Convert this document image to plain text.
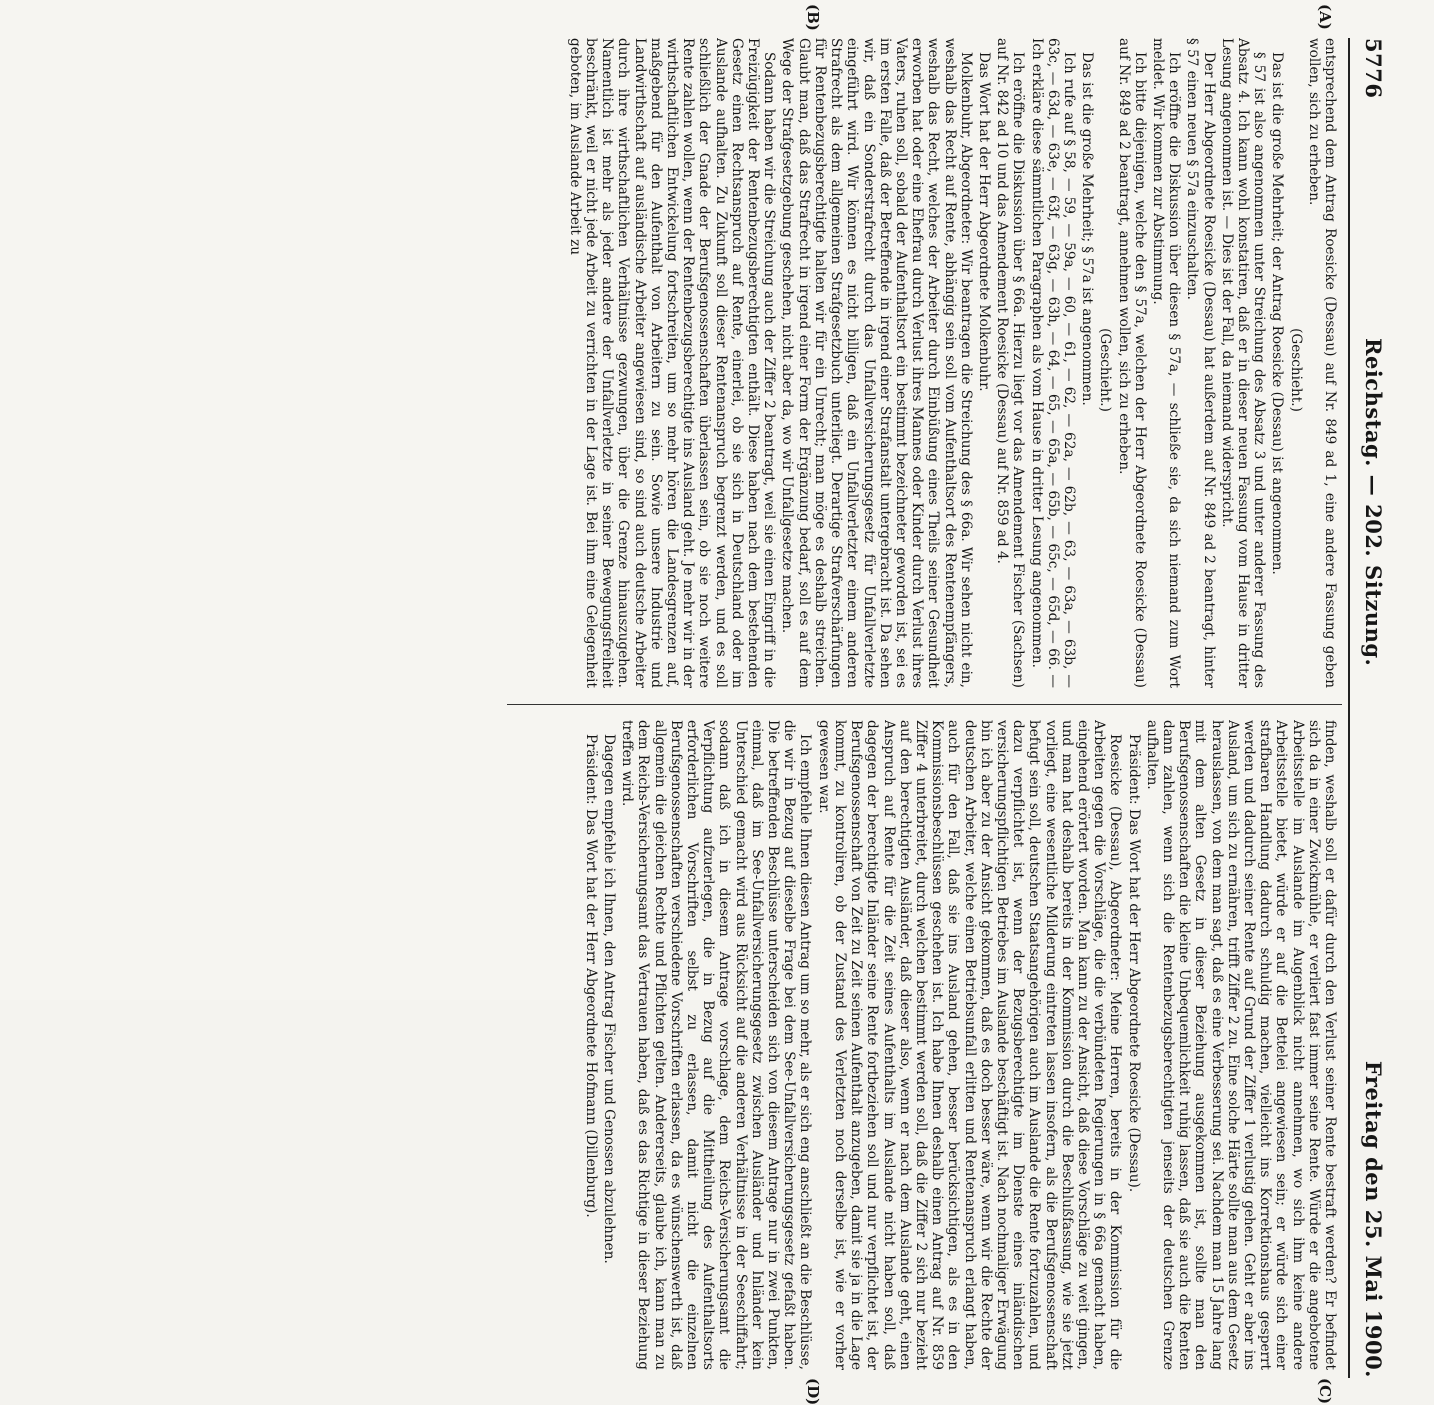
5776
Reichstag. — 202. Sitzung.
Freitag den 25. Mai 1900.
(A)
(B)
(C)
(D)

entsprechend dem Antrag Roesicke (Dessau) auf Nr. 849 ad 1, eine andere Fassung geben wollen, sich zu erheben.

(Geschieht.)

Das ist die große Mehrheit; der Antrag Roesicke (Dessau) ist angenommen.

§ 57 ist also angenommen unter Streichung des Absatz 3 und unter anderer Fassung des Absatz 4. Ich kann wohl konstatiren, daß er in dieser neuen Fassung vom Hause in dritter Lesung angenommen ist. — Dies ist der Fall, da niemand widerspricht.

Der Herr Abgeordnete Roesicke (Dessau) hat außerdem auf Nr. 849 ad 2 beantragt, hinter § 57 einen neuen § 57a einzuschalten.

Ich eröffne die Diskussion über diesen § 57a, — schließe sie, da sich niemand zum Wort meldet. Wir kommen zur Abstimmung.

Ich bitte diejenigen, welche den § 57a, welchen der Herr Abgeordnete Roesicke (Dessau) auf Nr. 849 ad 2 beantragt, annehmen wollen, sich zu erheben.

(Geschieht.)

Das ist die große Mehrheit; § 57a ist angenommen.

Ich rufe auf § 58, — 59, — 59a, — 60, — 61, — 62, — 62a, — 62b, — 63, — 63a, — 63b, — 63c, — 63d, — 63e, — 63f, — 63g, — 63h, — 64, — 65, — 65a, — 65b, — 65c, — 65d, — 66. — Ich erkläre diese sämmtlichen Paragraphen als vom Hause in dritter Lesung angenommen.

Ich eröffne die Diskussion über § 66a. Hierzu liegt vor das Amendement Fischer (Sachsen) auf Nr. 842 ad 10 und das Amendement Roesicke (Dessau) auf Nr. 859 ad 4.

Das Wort hat der Herr Abgeordnete Molkenbuhr.

Molkenbuhr, Abgeordneter: Wir beantragen die Streichung des § 66a. Wir sehen nicht ein, weshalb das Recht auf Rente, abhängig sein soll vom Aufenthaltsort des Rentenempfängers, weshalb das Recht, welches der Arbeiter durch Einbüßung eines Theils seiner Gesundheit erworben hat oder eine Ehefrau durch Verlust ihres Mannes oder Kinder durch Verlust ihres Vaters, ruhen soll, sobald der Aufenthaltsort ein bestimmt bezeichneter geworden ist, sei es im ersten Falle, daß der Betreffende in irgend einer Strafanstalt untergebracht ist. Da sehen wir, daß ein Sonderstrafrecht durch das Unfallversicherungsgesetz für Unfallverletzte eingeführt wird. Wir können es nicht billigen, daß ein Unfallverletzter einem anderen Strafrecht als dem allgemeinen Strafgesetzbuch unterliegt. Derartige Strafverschärfungen für Rentenbezugsberechtigte halten wir für ein Unrecht; man möge es deshalb streichen. Glaubt man, daß das Strafrecht in irgend einer Form der Ergänzung bedarf, soll es auf dem Wege der Strafgesetzgebung geschehen, nicht aber da, wo wir Unfallgesetze machen.

Sodann haben wir die Streichung auch der Ziffer 2 beantragt, weil sie einen Eingriff in die Freizügigkeit der Rentenbezugsberechtigten enthält. Diese haben nach dem bestehenden Gesetz einen Rechtsanspruch auf Rente, einerlei, ob sie sich in Deutschland oder im Auslande aufhalten. Zu Zukunft soll dieser Rentenanspruch begrenzt werden, und es soll schließlich der Gnade der Berufsgenossenschaften überlassen sein, ob sie noch weitere Rente zahlen wollen, wenn der Rentenbezugsberechtigte ins Ausland geht. Je mehr wir in der wirthschaftlichen Entwickelung fortschreiten, um so mehr hören die Landesgrenzen auf, maßgebend für den Aufenthalt von Arbeitern zu sein. Sowie unsere Industrie und Landwirthschaft auf ausländische Arbeiter angewiesen sind, so sind auch deutsche Arbeiter durch ihre wirthschaftlichen Verhältnisse gezwungen, über die Grenze hinauszugehen. Namentlich ist mehr als jeder andere der Unfallverletzte in seiner Bewegungsfreiheit beschränkt, weil er nicht jede Arbeit zu verrichten in der Lage ist. Bei ihm eine Gelegenheit geboten, im Auslande Arbeit zu

finden, weshalb soll er dafür durch den Verlust seiner Rente bestraft werden? Er befindet sich da in einer Zwickmühle, er verliert fast immer seine Rente. Würde er die angebotene Arbeitsstelle im Auslande im Augenblick nicht annehmen, wo sich ihm keine andere Arbeitsstelle bietet, würde er auf die Bettelei angewiesen sein; er würde sich einer strafbaren Handlung dadurch schuldig machen, vielleicht ins Korrektionshaus gesperrt werden und dadurch seiner Rente auf Grund der Ziffer 1 verlustig gehen. Geht er aber ins Ausland, um sich zu ernähren, trifft Ziffer 2 zu. Eine solche Härte sollte man aus dem Gesetz herauslassen, von dem man sagt, daß es eine Verbesserung sei. Nachdem man 15 Jahre lang mit dem alten Gesetz in dieser Beziehung ausgekommen ist, sollte man den Berufsgenossenschaften die kleine Unbequemlichkeit ruhig lassen, daß sie auch die Renten dann zahlen, wenn sich die Rentenbezugsberechtigten jenseits der deutschen Grenze aufhalten.

Präsident: Das Wort hat der Herr Abgeordnete Roesicke (Dessau).

Roesicke (Dessau), Abgeordneter: Meine Herren, bereits in der Kommission für die Arbeiten gegen die Vorschläge, die die verbündeten Regierungen in § 66a gemacht haben, eingehend erörtert worden. Man kann zu der Ansicht, daß diese Vorschläge zu weit gingen, und man hat deshalb bereits in der Kommission durch die Beschlußfassung, wie sie jetzt vorliegt, eine wesentliche Milderung eintreten lassen insofern, als die Berufsgenossenschaft befugt sein soll, deutschen Staatsangehörigen auch im Auslande die Rente fortzuzahlen, und dazu verpflichtet ist, wenn der Bezugsberechtigte im Dienste eines inländischen versicherungspflichtigen Betriebes im Auslande beschäftigt ist. Nach nochmaliger Erwägung bin ich aber zu der Ansicht gekommen, daß es doch besser wäre, wenn wir die Rechte der deutschen Arbeiter, welche einen Betriebsunfall erlitten und Rentenanspruch erlangt haben, auch für den Fall, daß sie ins Ausland gehen, besser berücksichtigen, als es in den Kommissionsbeschlüssen geschehen ist. Ich habe Ihnen deshalb einen Antrag auf Nr. 859 Ziffer 4 unterbreitet, durch welchen bestimmt werden soll, daß die Ziffer 2 sich nur bezieht auf den berechtigten Ausländer, daß dieser also, wenn er nach dem Auslande geht, einen Anspruch auf Rente für die Zeit seines Aufenthalts im Auslande nicht haben soll, daß dagegen der berechtigte Inländer seine Rente fortbeziehen soll und nur verpflichtet ist, der Berufsgenossenschaft von Zeit zu Zeit seinen Aufenthalt anzugeben, damit sie ja in die Lage kommt, zu kontroliren, ob der Zustand des Verletzten noch derselbe ist, wie er vorher gewesen war.

Ich empfehle Ihnen diesen Antrag um so mehr, als er sich eng anschließt an die Beschlüsse, die wir in Bezug auf dieselbe Frage bei dem See-Unfallversicherungsgesetz gefaßt haben. Die betreffenden Beschlüsse unterscheiden sich von diesem Antrage nur in zwei Punkten, einmal, daß im See-Unfallversicherungsgesetz zwischen Ausländer und Inländer kein Unterschied gemacht wird aus Rücksicht auf die anderen Verhältnisse in der Seeschiffahrt; sodann daß ich in diesem Antrage vorschlage, dem Reichs-Versicherungsamt die Verpflichtung aufzuerlegen, die in Bezug auf die Mittheilung des Aufenthaltsorts erforderlichen Vorschriften selbst zu erlassen, damit nicht die einzelnen Berufsgenossenschaften verschiedene Vorschriften erlassen, da es wünschenswerth ist, daß allgemein die gleichen Rechte und Pflichten gelten. Andererseits, glaube ich, kann man zu dem Reichs-Versicherungsamt das Vertrauen haben, daß es das Richtige in dieser Beziehung treffen wird.

Dagegen empfehle ich Ihnen, den Antrag Fischer und Genossen abzulehnen.

Präsident: Das Wort hat der Herr Abgeordnete Hofmann (Dillenburg).
